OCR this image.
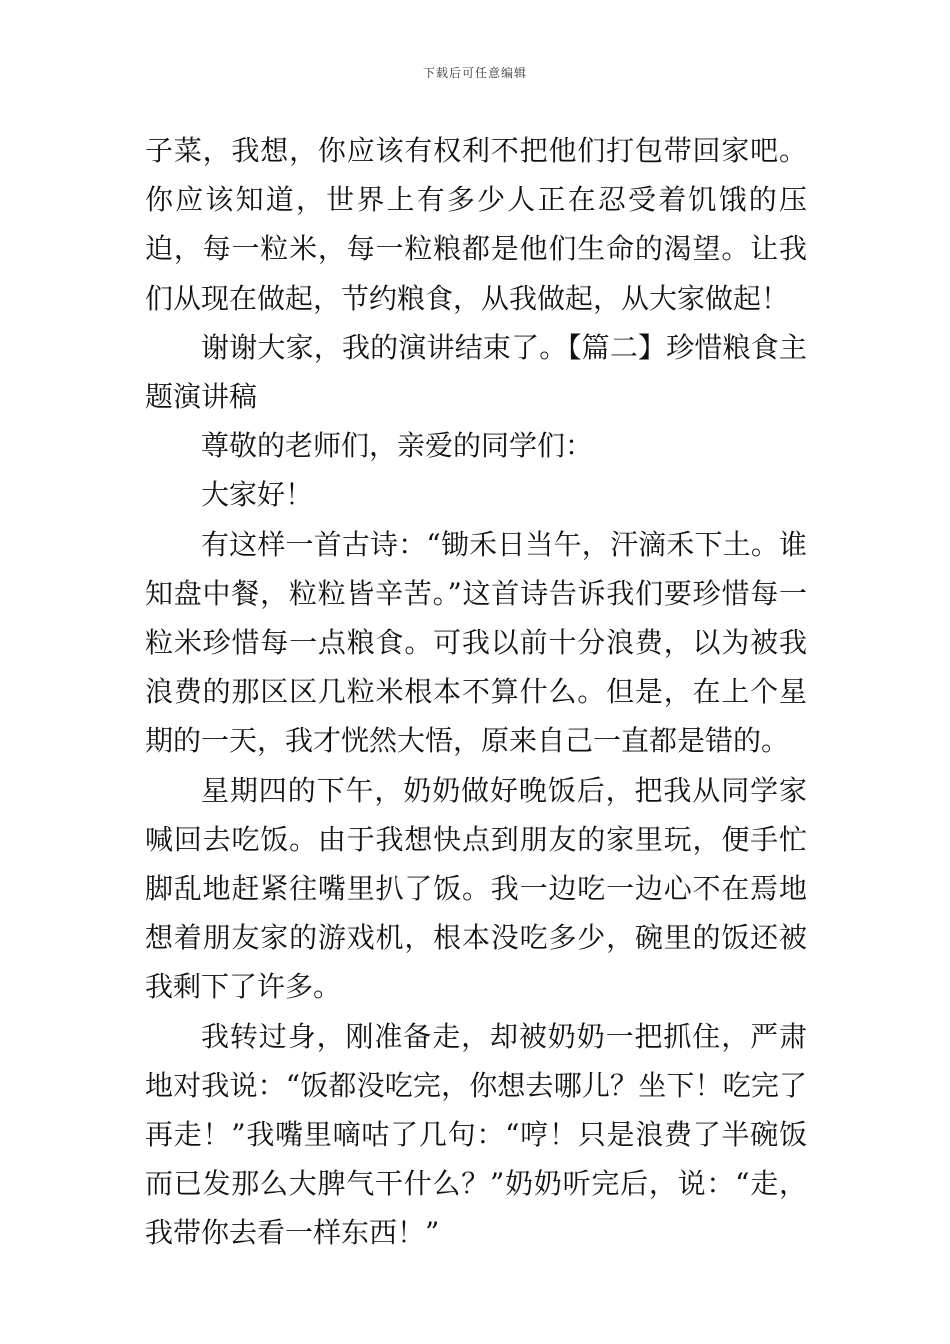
下载后可任意编辑

子菜，我想，你应该有权利不把他们打包带回家吧。你应该知道，世界上有多少人正在忍受着饥饿的压迫，每一粒米，每一粒粮都是他们生命的渴望。让我们从现在做起，节约粮食，从我做起，从大家做起！

谢谢大家，我的演讲结束了。【篇二】珍惜粮食主题演讲稿

尊敬的老师们，亲爱的同学们：

大家好！

有这样一首古诗：“锄禾日当午，汗滴禾下土。谁知盘中餐，粒粒皆辛苦。”这首诗告诉我们要珍惜每一粒米珍惜每一点粮食。可我以前十分浪费，以为被我浪费的那区区几粒米根本不算什么。但是，在上个星期的一天，我才恍然大悟，原来自己一直都是错的。

星期四的下午，奶奶做好晚饭后，把我从同学家喊回去吃饭。由于我想快点到朋友的家里玩，便手忙脚乱地赶紧往嘴里扒了饭。我一边吃一边心不在焉地想着朋友家的游戏机，根本没吃多少，碗里的饭还被我剩下了许多。

我转过身，刚准备走，却被奶奶一把抓住，严肃地对我说：“饭都没吃完，你想去哪儿？坐下！吃完了再走！”我嘴里嘀咕了几句：“哼！只是浪费了半碗饭而已发那么大脾气干什么？”奶奶听完后，说：“走，我带你去看一样东西！”
